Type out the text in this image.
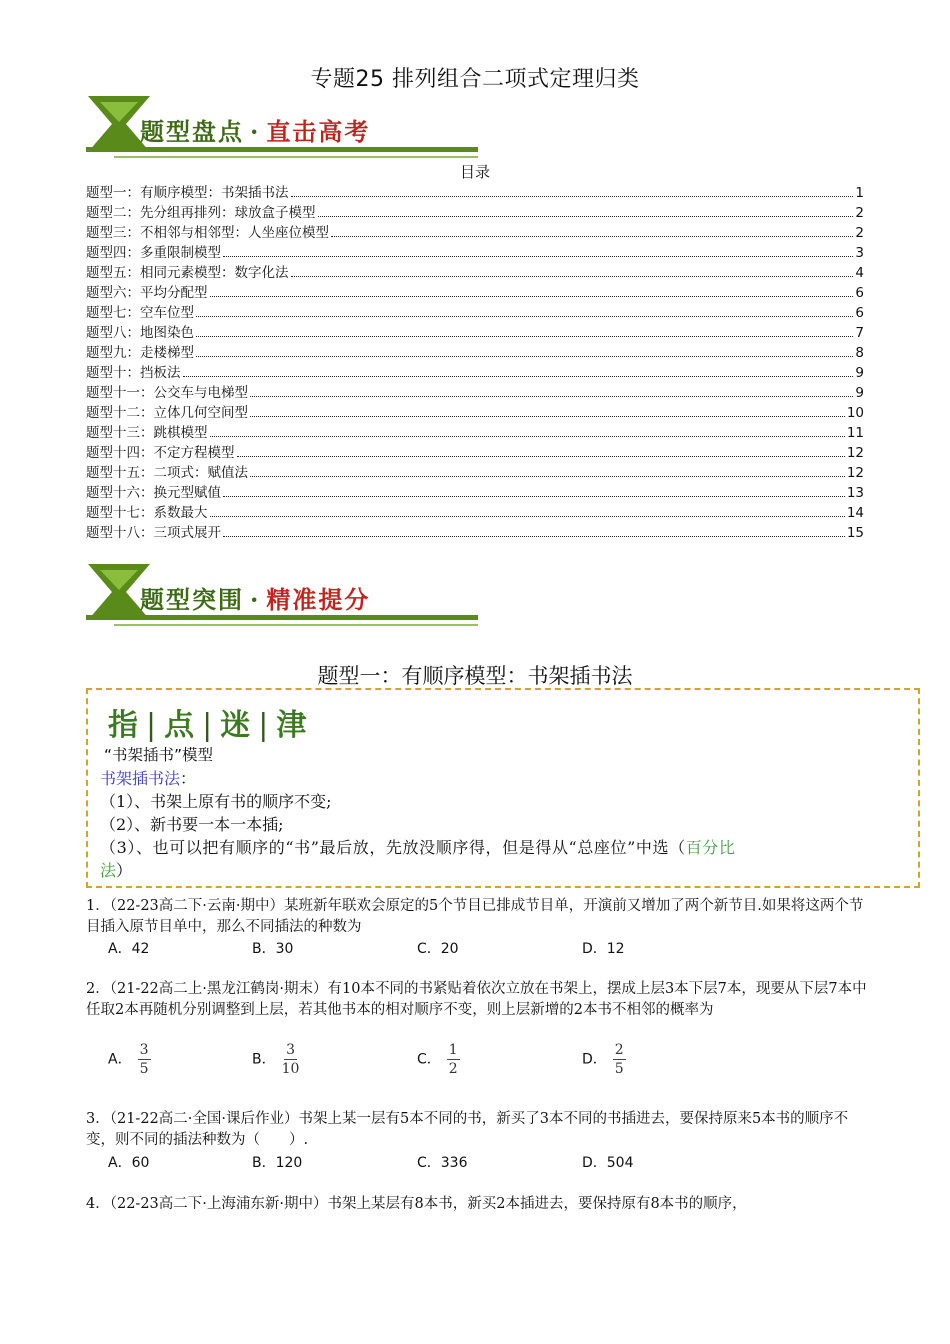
专题25 排列组合二项式定理归类
题型盘点 · 直击高考
目录
题型一：有顺序模型：书架插书法	1
题型二：先分组再排列：球放盒子模型	2
题型三：不相邻与相邻型：人坐座位模型	2
题型四：多重限制模型	3
题型五：相同元素模型：数字化法	4
题型六：平均分配型	6
题型七：空车位型	6
题型八：地图染色	7
题型九：走楼梯型	8
题型十：挡板法	9
题型十一：公交车与电梯型	9
题型十二：立体几何空间型	10
题型十三：跳棋模型	11
题型十四：不定方程模型	12
题型十五：二项式：赋值法	12
题型十六：换元型赋值	13
题型十七：系数最大	14
题型十八：三项式展开	15
题型突围 · 精准提分
题型一：有顺序模型：书架插书法
指 | 点 | 迷 | 津
“书架插书”模型
书架插书法：
（1）、书架上原有书的顺序不变;
（2）、新书要一本一本插;
（3）、也可以把有顺序的“书”最后放，先放没顺序得，但是得从“总座位”中选（百分比
法）
1．（22-23高二下·云南·期中）某班新年联欢会原定的5个节目已排成节目单，开演前又增加了两个新节目.如果将这两个节目插入原节目单中，那么不同插法的种数为
A．42	B．30	C．20	D．12
2．（21-22高二上·黑龙江鹤岗·期末）有10本不同的书紧贴着依次立放在书架上，摆成上层3本下层7本，现要从下层7本中任取2本再随机分别调整到上层，若其他书本的相对顺序不变，则上层新增的2本书不相邻的概率为
A． $\frac{3}{5}$	B． $\frac{3}{10}$	C． $\frac{1}{2}$	D． $\frac{2}{5}$
3．（21-22高二·全国·课后作业）书架上某一层有5本不同的书，新买了3本不同的书插进去，要保持原来5本书的顺序不变，则不同的插法种数为（　　）.
A．60	B．120	C．336	D．504
4．（22-23高二下·上海浦东新·期中）书架上某层有8本书，新买2本插进去，要保持原有8本书的顺序，
